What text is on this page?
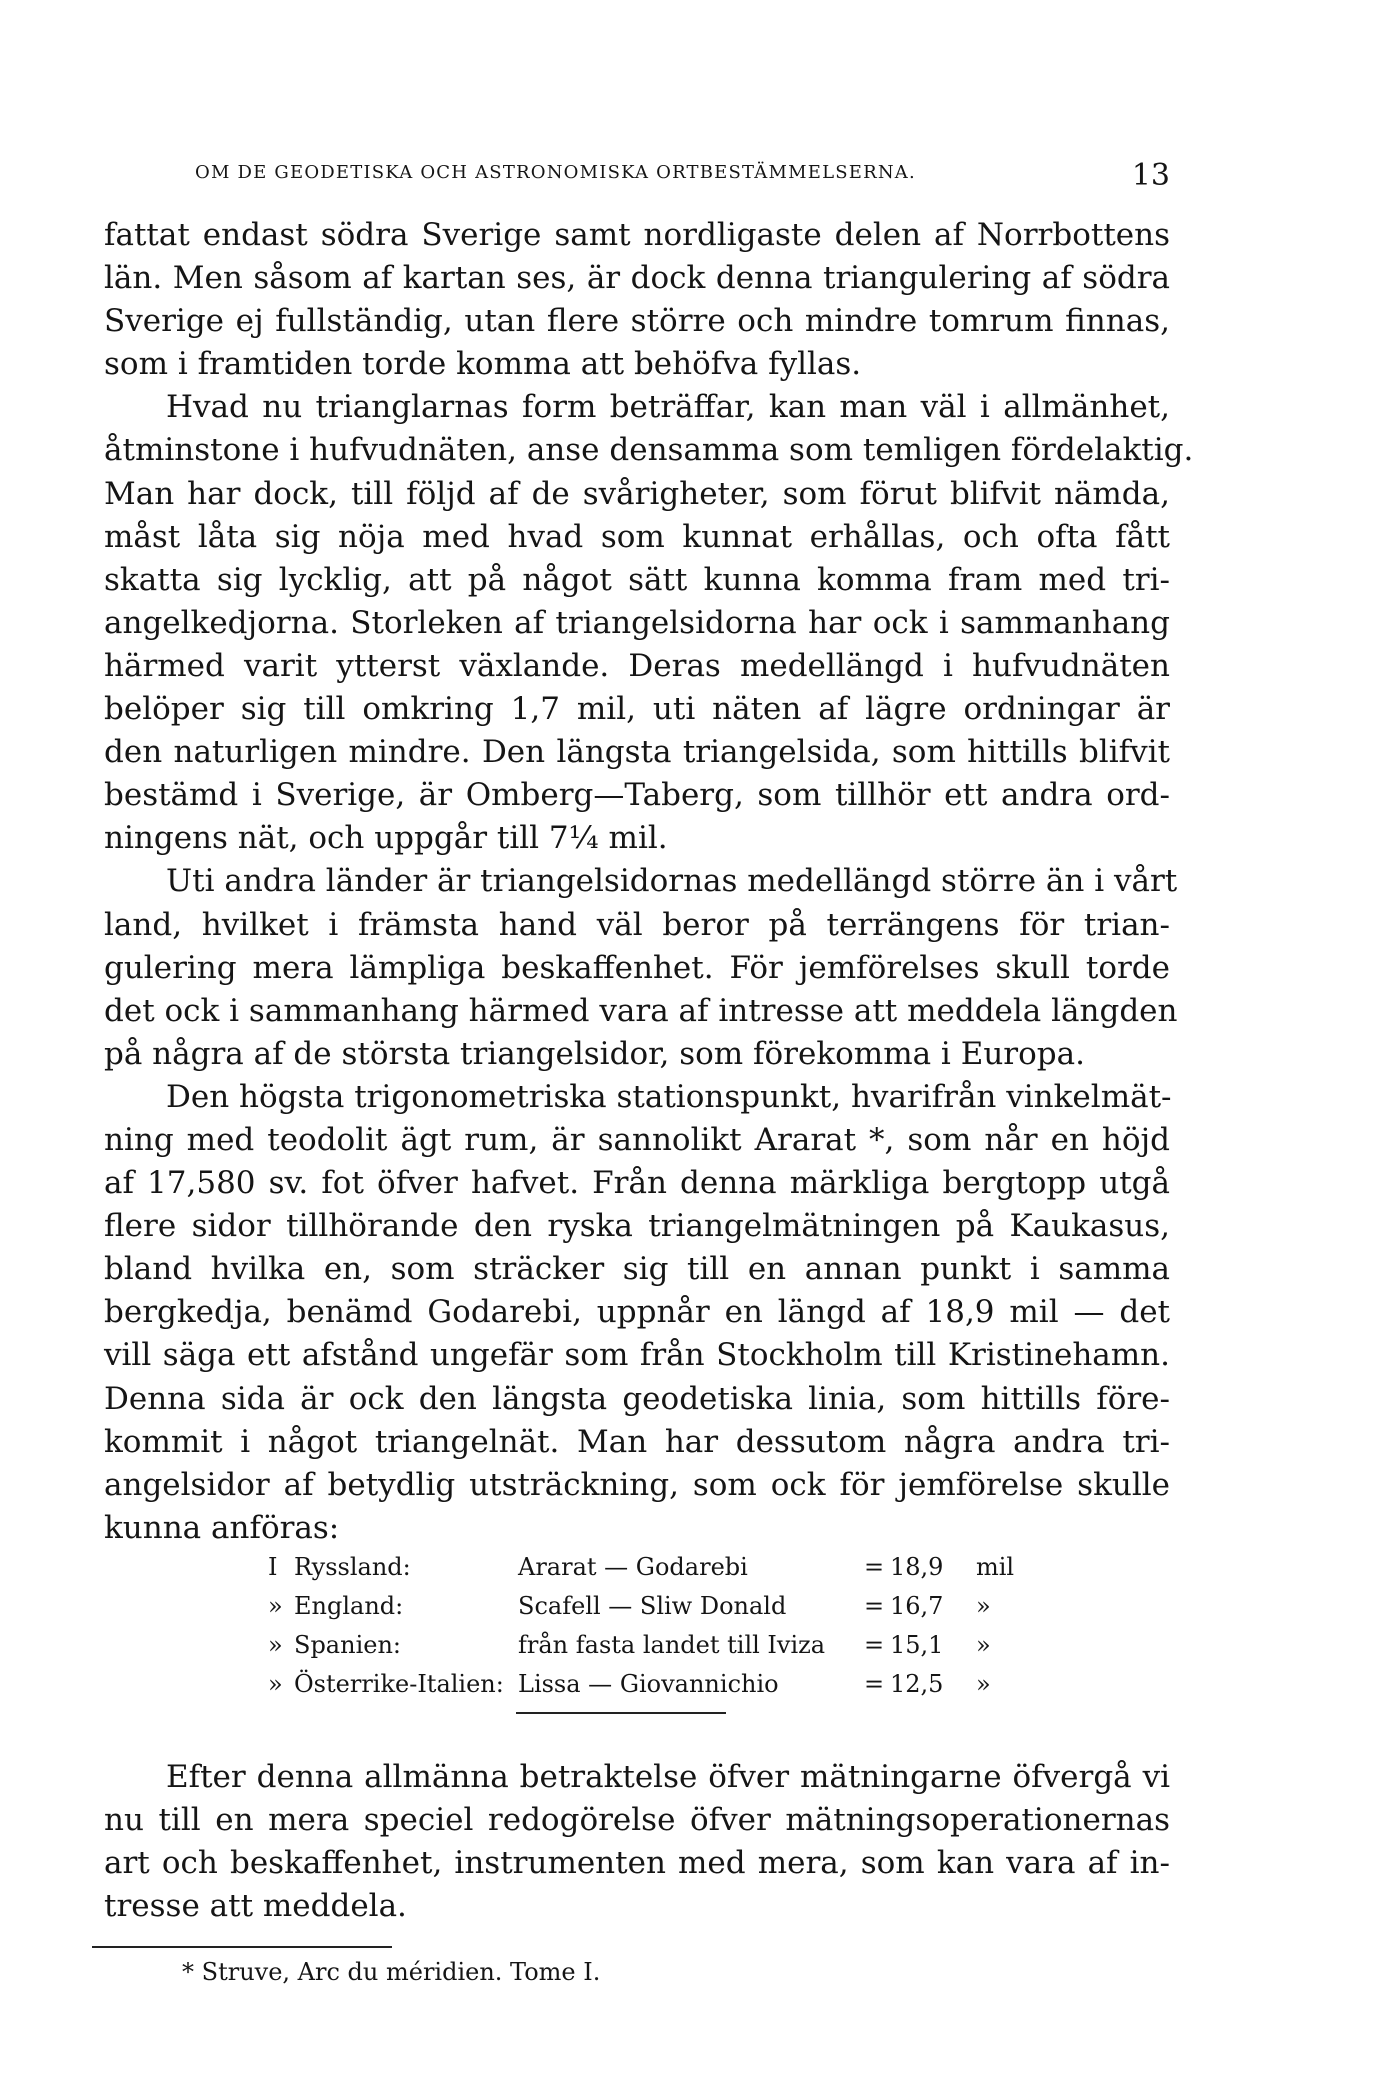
OM DE GEODETISKA OCH ASTRONOMISKA ORTBESTÄMMELSERNA.	13
fattat endast södra Sverige samt nordligaste delen af Norrbottens
län. Men såsom af kartan ses, är dock denna triangulering af södra
Sverige ej fullständig, utan flere större och mindre tomrum finnas,
som i framtiden torde komma att behöfva fyllas.
Hvad nu trianglarnas form beträffar, kan man väl i allmänhet,
åtminstone i hufvudnäten, anse densamma som temligen fördelaktig.
Man har dock, till följd af de svårigheter, som förut blifvit nämda,
måst låta sig nöja med hvad som kunnat erhållas, och ofta fått
skatta sig lycklig, att på något sätt kunna komma fram med tri-
angelkedjorna. Storleken af triangelsidorna har ock i sammanhang
härmed varit ytterst växlande. Deras medellängd i hufvudnäten
belöper sig till omkring 1,7 mil, uti näten af lägre ordningar är
den naturligen mindre. Den längsta triangelsida, som hittills blifvit
bestämd i Sverige, är Omberg—Taberg, som tillhör ett andra ord-
ningens nät, och uppgår till 7¼ mil.
Uti andra länder är triangelsidornas medellängd större än i vårt
land, hvilket i främsta hand väl beror på terrängens för trian-
gulering mera lämpliga beskaffenhet. För jemförelses skull torde
det ock i sammanhang härmed vara af intresse att meddela längden
på några af de största triangelsidor, som förekomma i Europa.
Den högsta trigonometriska stationspunkt, hvarifrån vinkelmät-
ning med teodolit ägt rum, är sannolikt Ararat *, som når en höjd
af 17,580 sv. fot öfver hafvet. Från denna märkliga bergtopp utgå
flere sidor tillhörande den ryska triangelmätningen på Kaukasus,
bland hvilka en, som sträcker sig till en annan punkt i samma
bergkedja, benämd Godarebi, uppnår en längd af 18,9 mil — det
vill säga ett afstånd ungefär som från Stockholm till Kristinehamn.
Denna sida är ock den längsta geodetiska linia, som hittills före-
kommit i något triangelnät. Man har dessutom några andra tri-
angelsidor af betydlig utsträckning, som ock för jemförelse skulle
kunna anföras:
I Ryssland:	Ararat — Godarebi	= 18,9 mil
» England:	Scafell — Sliw Donald	= 16,7 »
» Spanien:	från fasta landet till Iviza = 15,1 »
» Österrike-Italien: Lissa — Giovannichio	= 12,5 »
Efter denna allmänna betraktelse öfver mätningarne öfvergå vi
nu till en mera speciel redogörelse öfver mätningsoperationernas
art och beskaffenhet, instrumenten med mera, som kan vara af in-
tresse att meddela.
* Struve, Arc du méridien. Tome I.
